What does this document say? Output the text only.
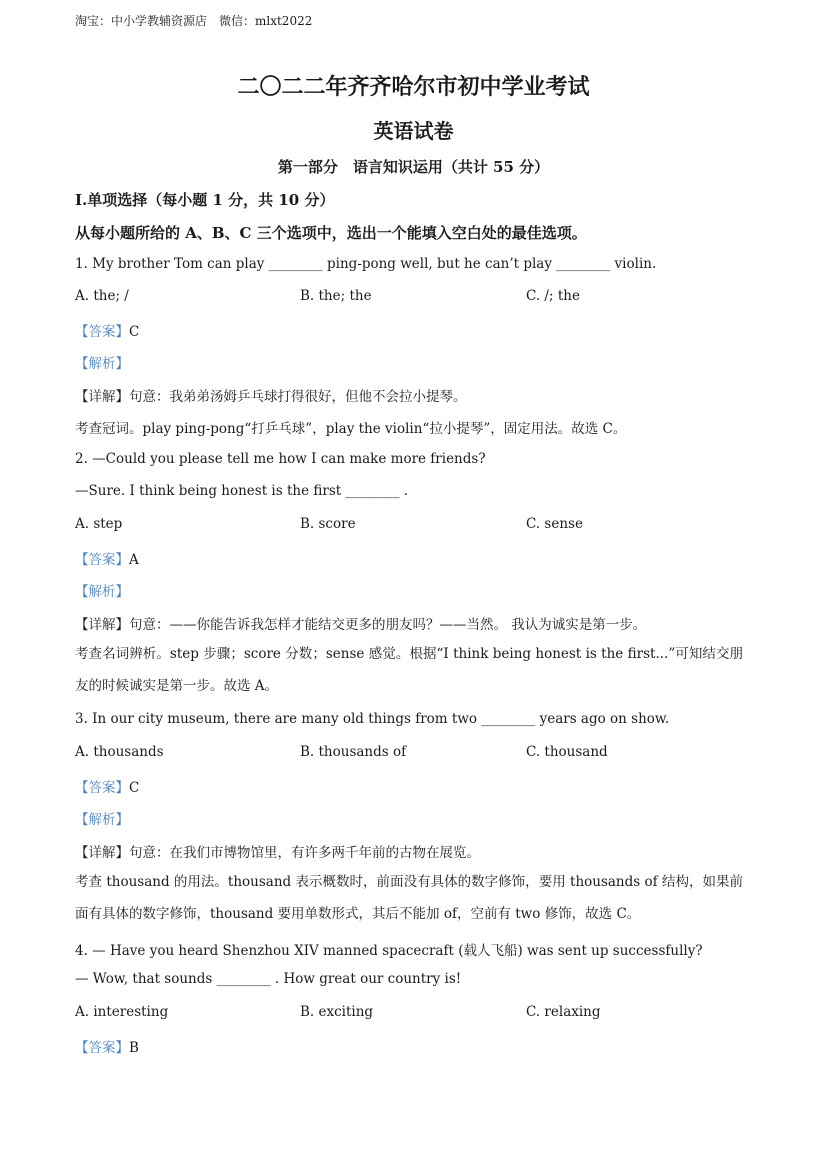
淘宝：中小学教辅资源店　微信：mlxt2022
二〇二二年齐齐哈尔市初中学业考试
英语试卷
第一部分　语言知识运用（共计 55 分）
Ⅰ.单项选择（每小题 1 分，共 10 分）
从每小题所给的 A、B、C 三个选项中，选出一个能填入空白处的最佳选项。
1. My brother Tom can play ________ ping-pong well, but he can’t play ________ violin.
A. the; /	B. the; the	C. /; the
【答案】C
【解析】
【详解】句意：我弟弟汤姆乒乓球打得很好，但他不会拉小提琴。
考查冠词。play ping-pong“打乒乓球”，play the violin“拉小提琴”，固定用法。故选 C。
2. —Could you please tell me how I can make more friends?
—Sure. I think being honest is the first ________ .
A. step	B. score	C. sense
【答案】A
【解析】
【详解】句意：——你能告诉我怎样才能结交更多的朋友吗？——当然。 我认为诚实是第一步。
考查名词辨析。step 步骤；score 分数；sense 感觉。根据“I think being honest is the first...”可知结交朋友的时候诚实是第一步。故选 A。
3. In our city museum, there are many old things from two ________ years ago on show.
A. thousands	B. thousands of	C. thousand
【答案】C
【解析】
【详解】句意：在我们市博物馆里，有许多两千年前的古物在展览。
考查 thousand 的用法。thousand 表示概数时，前面没有具体的数字修饰，要用 thousands of 结构，如果前面有具体的数字修饰，thousand 要用单数形式，其后不能加 of，空前有 two 修饰，故选 C。
4. — Have you heard Shenzhou XIV manned spacecraft (载人飞船) was sent up successfully?
— Wow, that sounds ________ . How great our country is!
A. interesting	B. exciting	C. relaxing
【答案】B
